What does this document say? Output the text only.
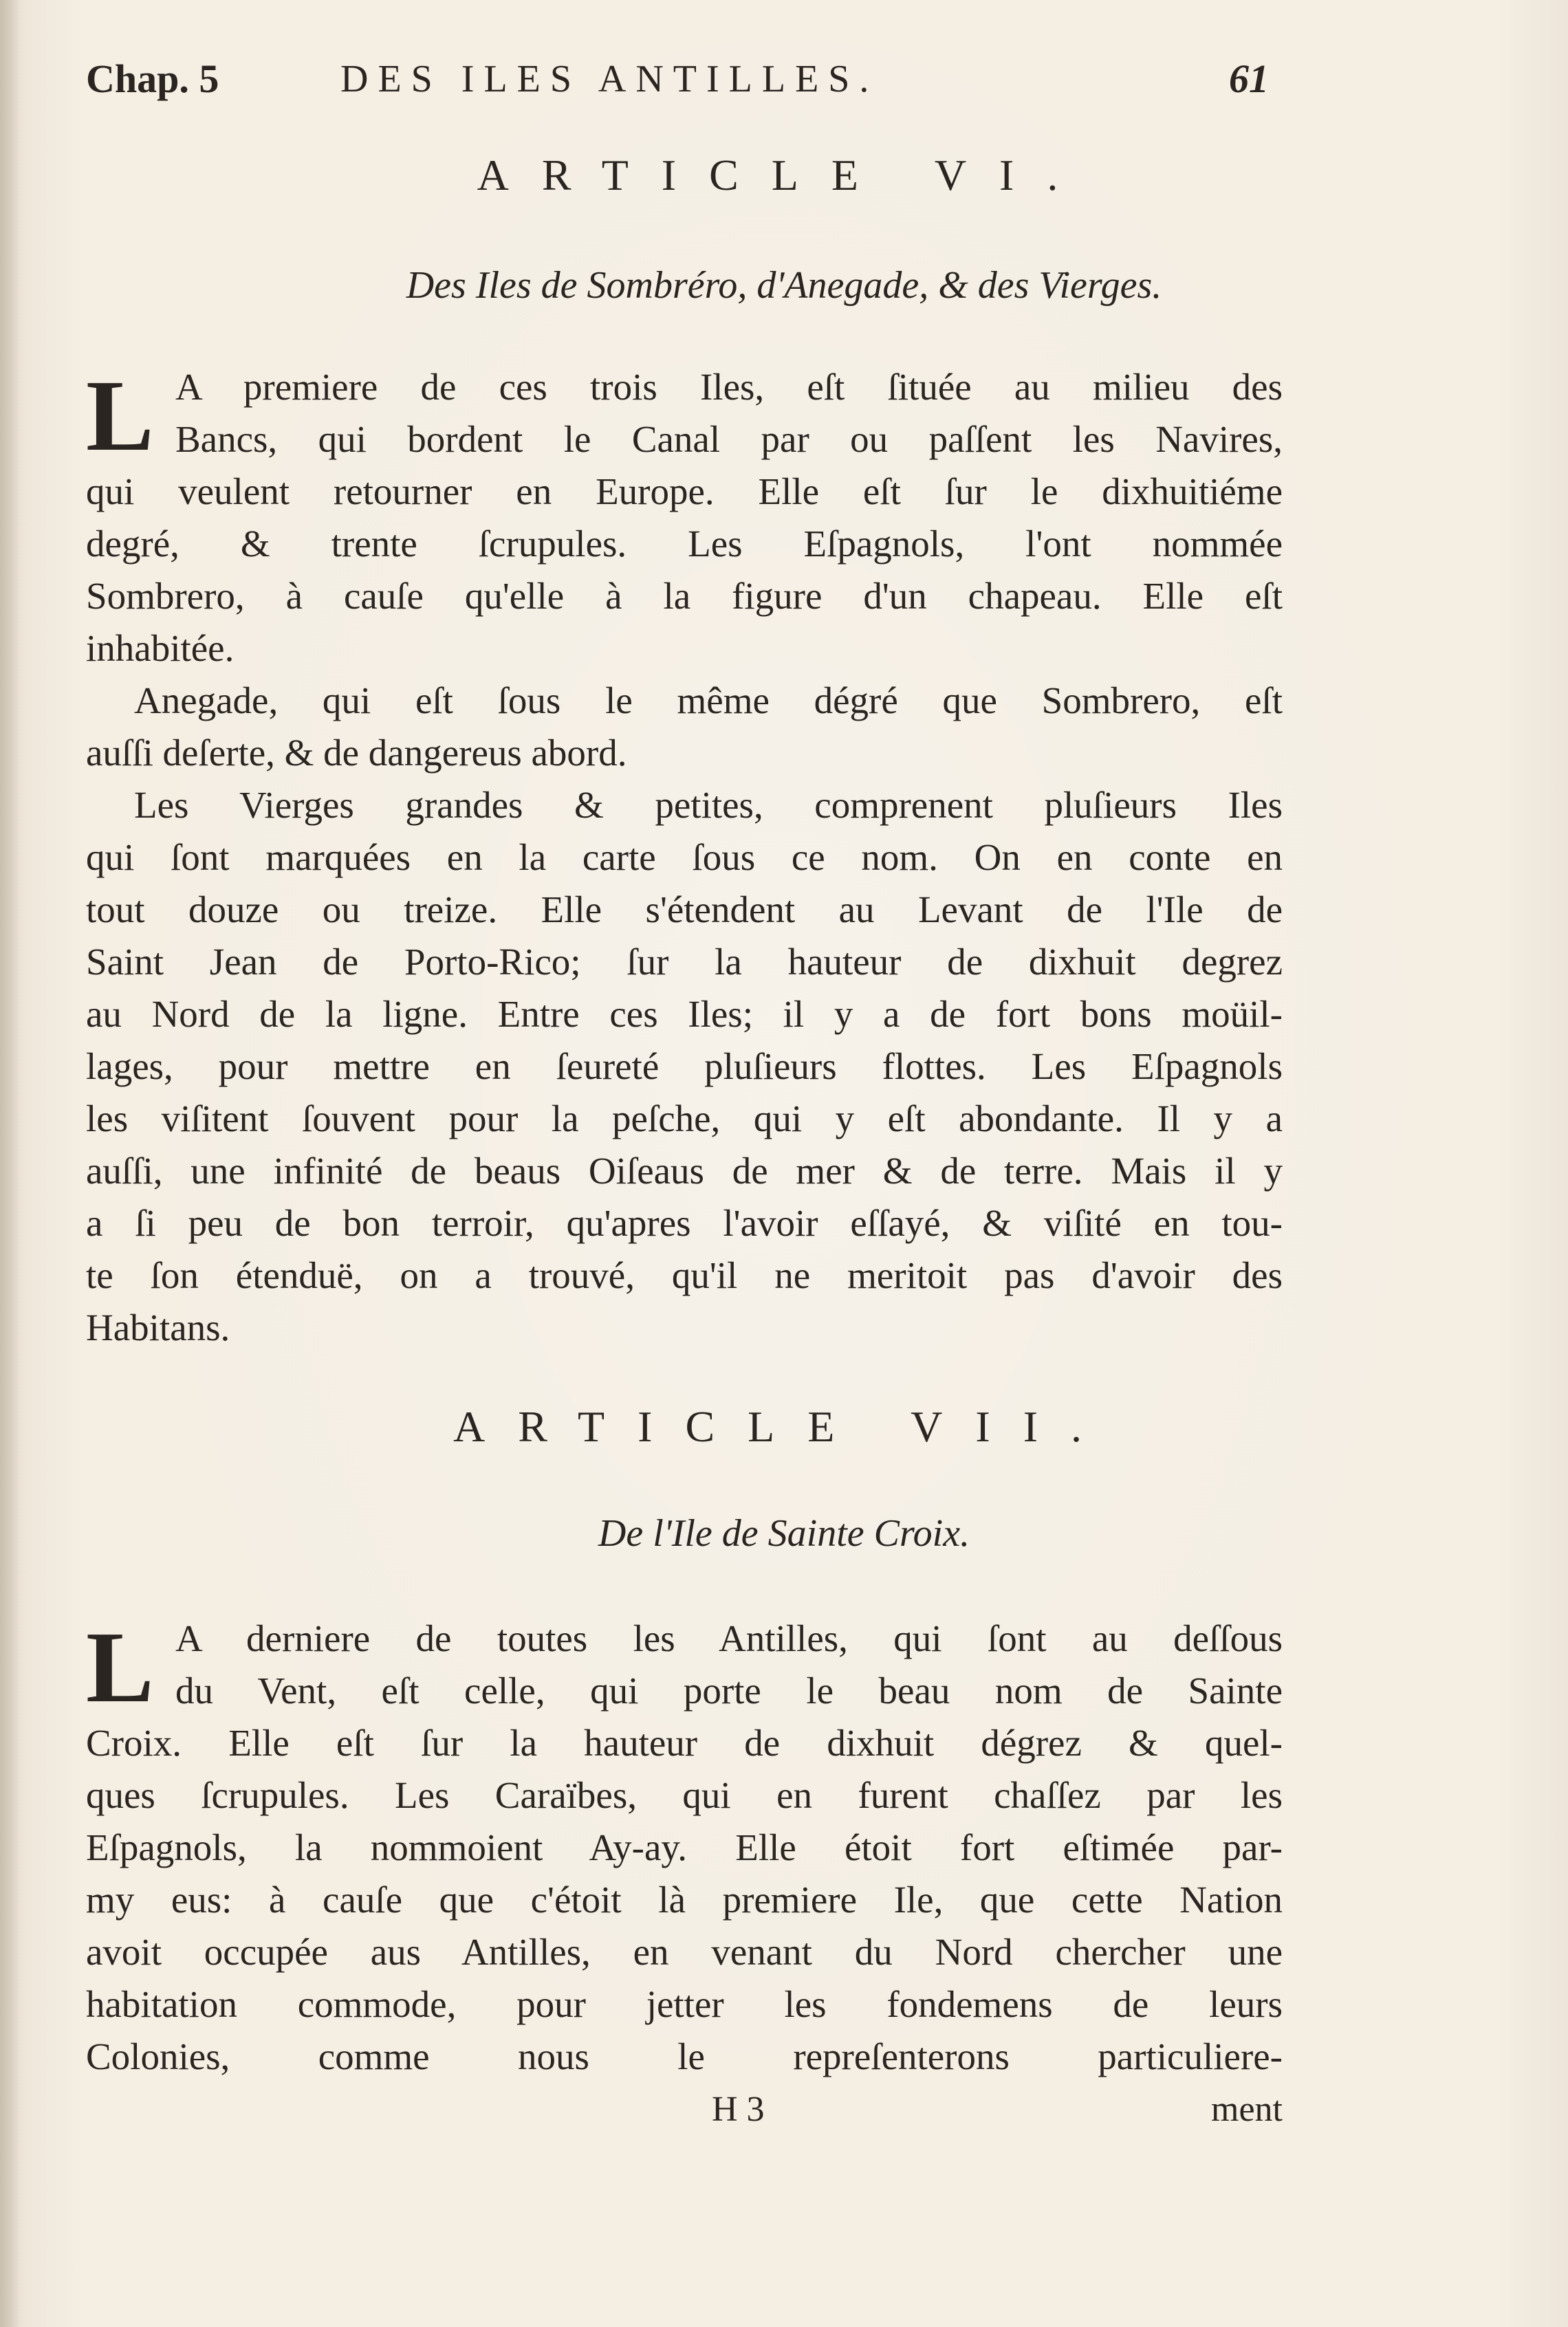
Chap. 5	DES ILES ANTILLES.	61
ARTICLE VI.
Des Iles de Sombréro, d'Anegade, & des Vierges.
L A premiere de ces trois Iles, eſt ſituée au milieu des
Bancs, qui bordent le Canal par ou paſſent les Navires,
qui veulent retourner en Europe. Elle eſt ſur le dixhuitiéme
degré, & trente ſcrupules. Les Eſpagnols, l'ont nommée
Sombrero, à cauſe qu'elle à la figure d'un chapeau. Elle eſt
inhabitée.
Anegade, qui eſt ſous le même dégré que Sombrero, eſt
auſſi deſerte, & de dangereus abord.
Les Vierges grandes & petites, comprenent pluſieurs Iles
qui ſont marquées en la carte ſous ce nom. On en conte en
tout douze ou treize. Elle s'étendent au Levant de l'Ile de
Saint Jean de Porto-Rico; ſur la hauteur de dixhuit degrez
au Nord de la ligne. Entre ces Iles; il y a de fort bons moüil-
lages, pour mettre en ſeureté pluſieurs flottes. Les Eſpagnols
les viſitent ſouvent pour la peſche, qui y eſt abondante. Il y a
auſſi, une infinité de beaus Oiſeaus de mer & de terre. Mais il y
a ſi peu de bon terroir, qu'apres l'avoir eſſayé, & viſité en tou-
te ſon étenduë, on a trouvé, qu'il ne meritoit pas d'avoir des
Habitans.
ARTICLE VII.
De l'Ile de Sainte Croix.
L A derniere de toutes les Antilles, qui ſont au deſſous
du Vent, eſt celle, qui porte le beau nom de Sainte
Croix. Elle eſt ſur la hauteur de dixhuit dégrez & quel-
ques ſcrupules. Les Caraïbes, qui en furent chaſſez par les
Eſpagnols, la nommoient Ay-ay. Elle étoit fort eſtimée par-
my eus: à cauſe que c'étoit là premiere Ile, que cette Nation
avoit occupée aus Antilles, en venant du Nord chercher une
habitation commode, pour jetter les fondemens de leurs
Colonies, comme nous le repreſenterons particuliere-
H 3	ment
